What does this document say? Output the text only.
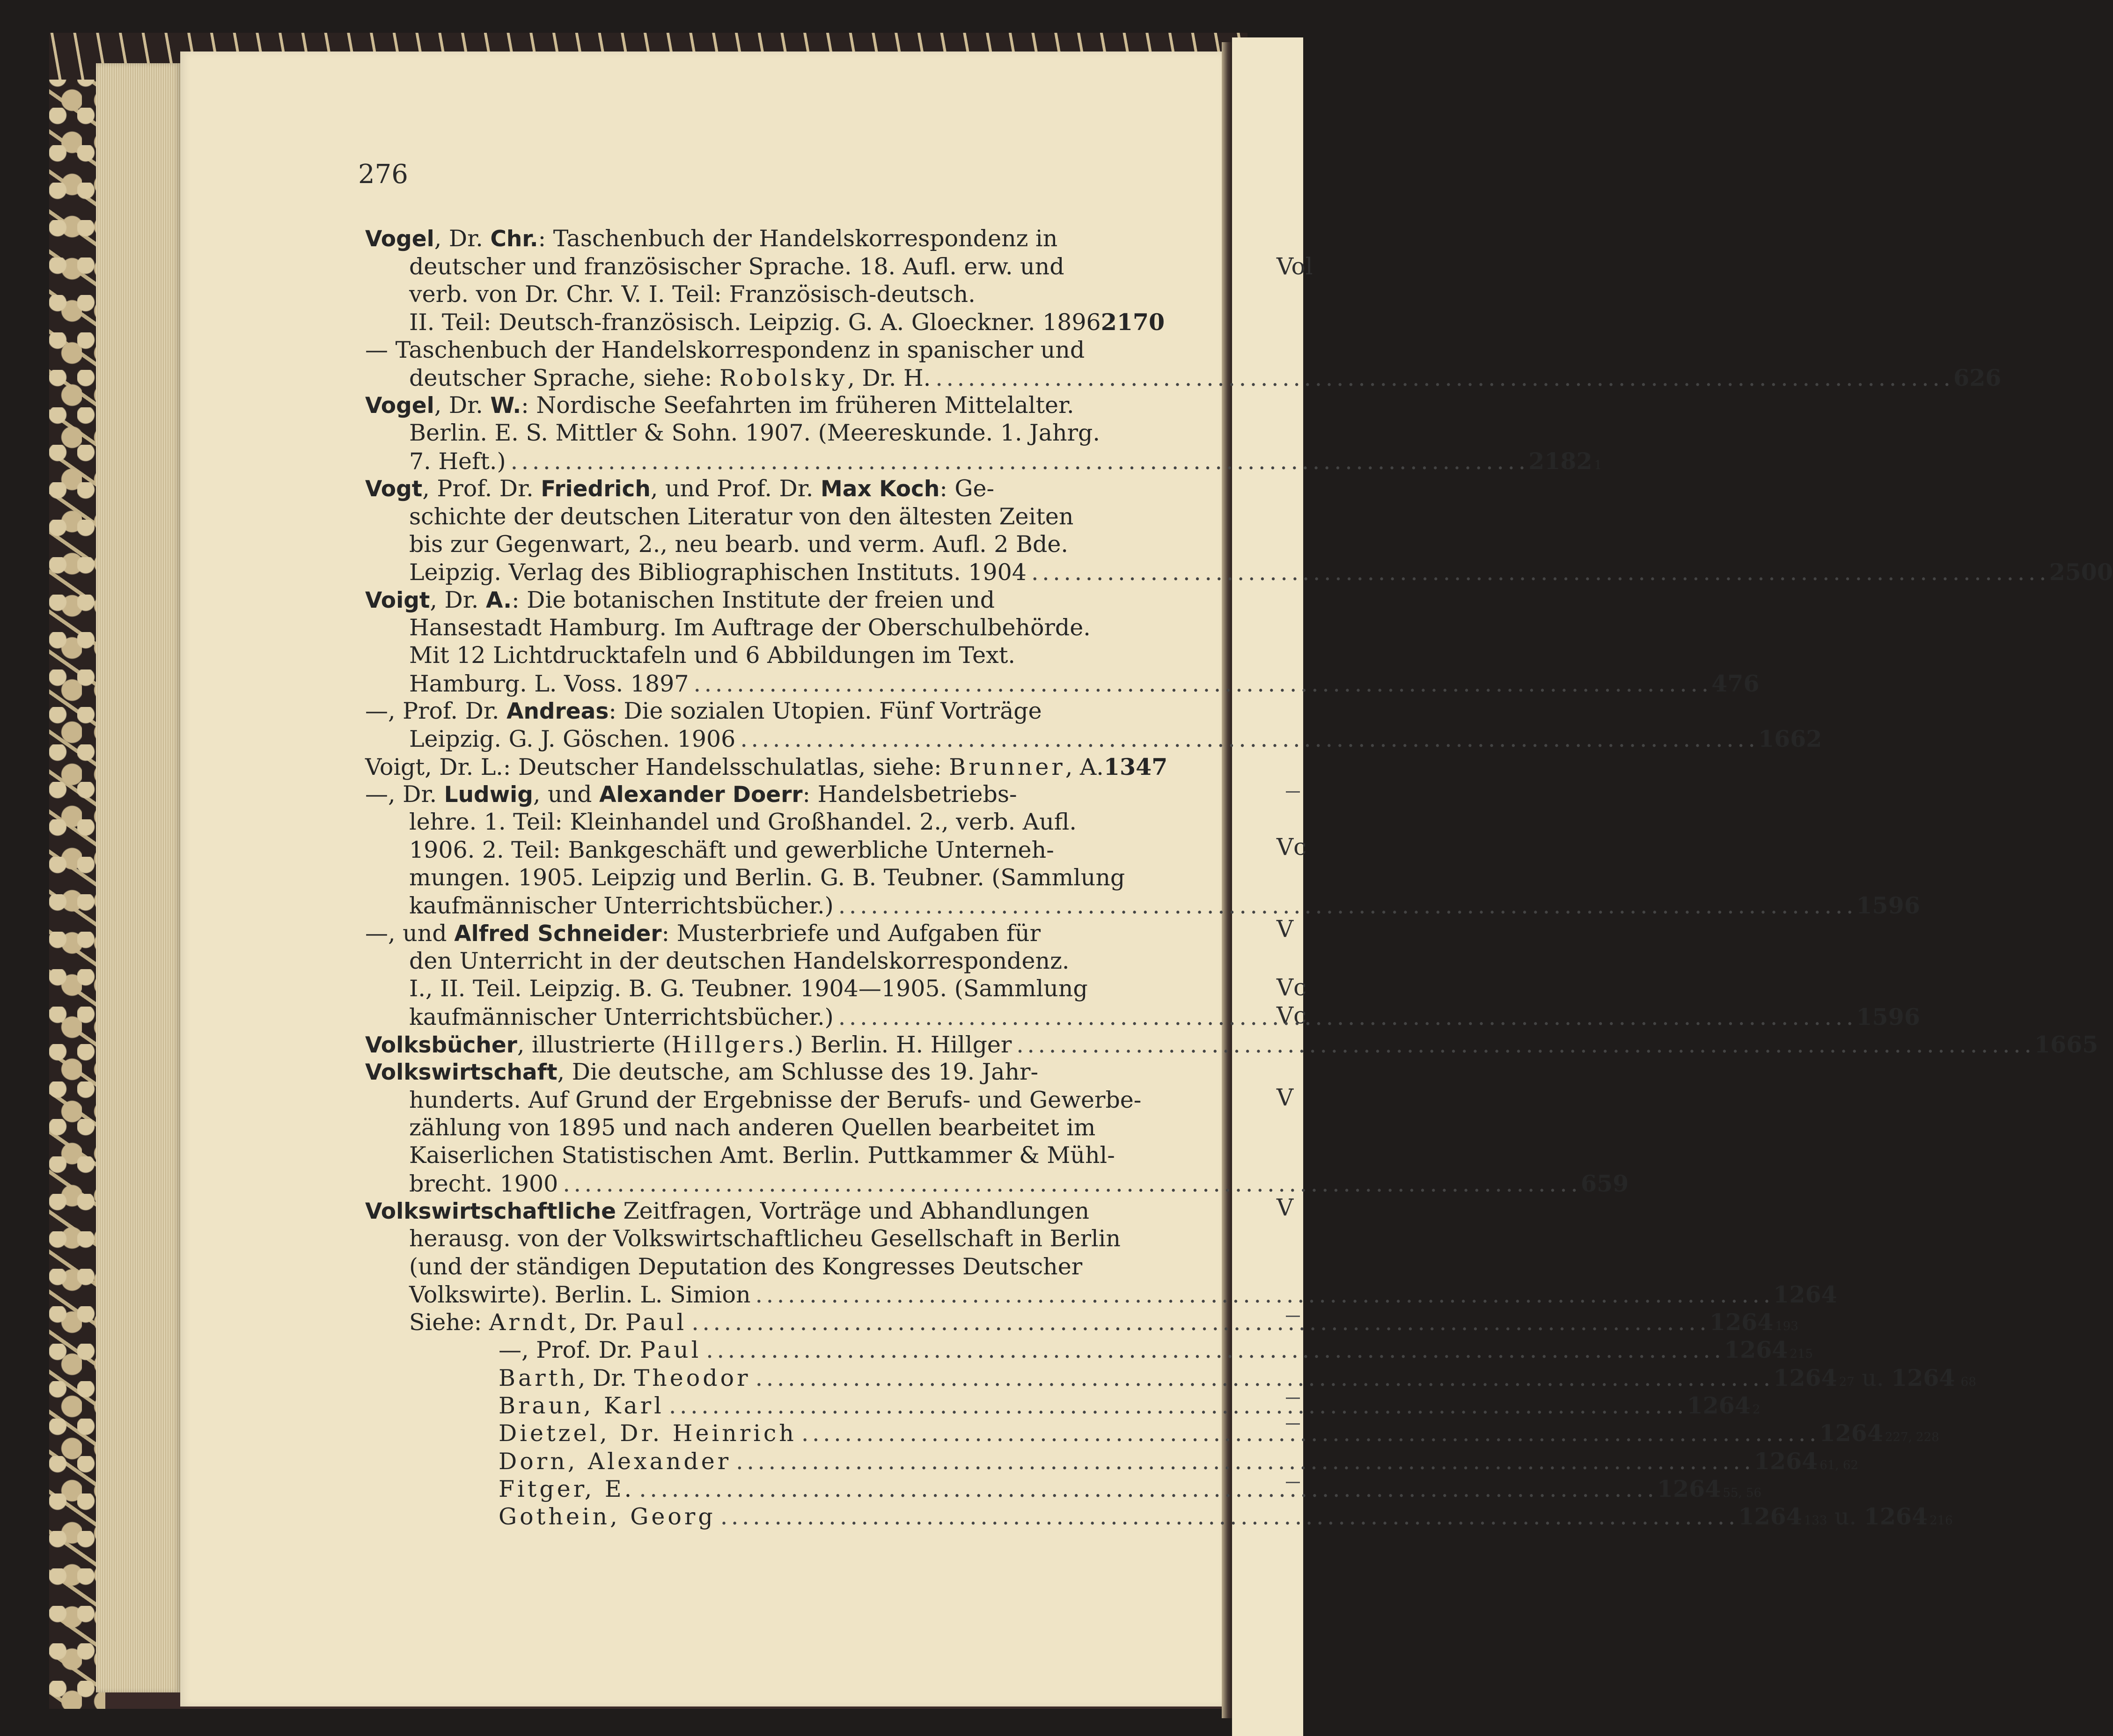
Vol
Vc
V
Vc
Vc
V
V
276
Vogel, Dr. Chr.: Taschenbuch der Handelskorrespondenz in
deutscher und französischer Sprache. 18. Aufl. erw. und
verb. von Dr. Chr. V. I. Teil: Französisch-deutsch.
II. Teil: Deutsch-französisch. Leipzig. G. A. Gloeckner. 1896 2170
— Taschenbuch der Handelskorrespondenz in spanischer und
deutscher Sprache, siehe: Robolsky, Dr. H. . . .	626
Vogel, Dr. W.: Nordische Seefahrten im früheren Mittelalter.
Berlin. E. S. Mittler & Sohn. 1907. (Meereskunde. 1. Jahrg.
7. Heft.) . . .	2182 1
Vogt, Prof. Dr. Friedrich, und Prof. Dr. Max Koch: Ge-
schichte der deutschen Literatur von den ältesten Zeiten
bis zur Gegenwart, 2., neu bearb. und verm. Aufl. 2 Bde.
Leipzig. Verlag des Bibliographischen Instituts. 1904 . . .	2500
Voigt, Dr. A.: Die botanischen Institute der freien und
Hansestadt Hamburg. Im Auftrage der Oberschulbehörde.
Mit 12 Lichtdrucktafeln und 6 Abbildungen im Text.
Hamburg. L. Voss. 1897 . . .	476
—, Prof. Dr. Andreas: Die sozialen Utopien. Fünf Vorträge
Leipzig. G. J. Göschen. 1906 . . .	1662
Voigt, Dr. L.: Deutscher Handelsschulatlas, siehe: Brunner, A. 1347
—, Dr. Ludwig, und Alexander Doerr: Handelsbetriebs-
lehre. 1. Teil: Kleinhandel und Großhandel. 2., verb. Aufl.
1906. 2. Teil: Bankgeschäft und gewerbliche Unterneh-
mungen. 1905. Leipzig und Berlin. G. B. Teubner. (Sammlung
kaufmännischer Unterrichtsbücher.) . . .	1596
—, und Alfred Schneider: Musterbriefe und Aufgaben für
den Unterricht in der deutschen Handelskorrespondenz.
I., II. Teil. Leipzig. B. G. Teubner. 1904—1905. (Sammlung
kaufmännischer Unterrichtsbücher.) . . .	1596
Volksbücher, illustrierte (Hillgers.) Berlin. H. Hillger . . .	1665
Volkswirtschaft, Die deutsche, am Schlusse des 19. Jahr-
hunderts. Auf Grund der Ergebnisse der Berufs- und Gewerbe-
zählung von 1895 und nach anderen Quellen bearbeitet im
Kaiserlichen Statistischen Amt. Berlin. Puttkammer & Mühl-
brecht. 1900 . . .	659
Volkswirtschaftliche Zeitfragen, Vorträge und Abhandlungen
herausg. von der Volkswirtschaftlicheu Gesellschaft in Berlin
(und der ständigen Deputation des Kongresses Deutscher
Volkswirte). Berlin. L. Simion . . .	1264
Siehe: Arndt, Dr. Paul . . .	1264 193
—, Prof. Dr. Paul . . .	1264 215
Barth, Dr. Theodor . . .	1264 27 u. 1264 68
Braun, Karl . . .	1264 2
Dietzel, Dr. Heinrich . . .	1264 227, 228
Dorn, Alexander . . .	1264 61, 62
Fitger, E. . . .	1264 55, 56
Gothein, Georg . . .	1264 133 u. 1264 216
